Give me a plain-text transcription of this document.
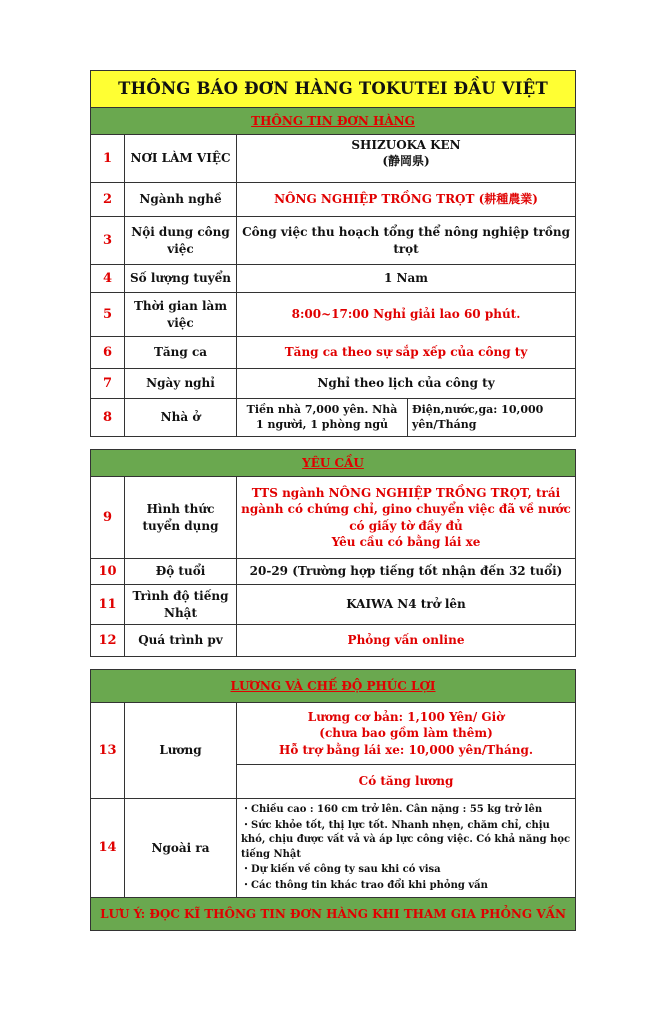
THÔNG BÁO ĐƠN HÀNG TOKUTEI ĐẦU VIỆT			
THÔNG TIN ĐƠN HÀNG			
1	NƠI LÀM VIỆC	SHIZUOKA KEN
(静岡県)	

2	Ngành nghề	NÔNG NGHIỆP TRỒNG TRỌT (耕種農業)	
3	Nội dung công việc	Công việc thu hoạch tổng thể nông nghiệp trồng trọt	
4	Số lượng tuyển	1 Nam	
5	Thời gian làm việc	8:00~17:00 Nghỉ giải lao 60 phút.	
6	Tăng ca	Tăng ca theo sự sắp xếp của công ty	
7	Ngày nghỉ	Nghỉ theo lịch của công ty	
8	Nhà ở	Tiền nhà 7,000 yên. Nhà 1 người, 1 phòng ngủ	Điện,nước,ga: 10,000 yên/Tháng
YÊU CẦU		
9	Hình thức tuyển dụng	TTS ngành NÔNG NGHIỆP TRỒNG TRỌT, trái ngành có chứng chỉ, gino chuyển việc đã về nước có giấy tờ đầy đủ
Yêu cầu có bằng lái xe

10	Độ tuổi	20-29 (Trường hợp tiếng tốt nhận đến 32 tuổi)
11	Trình độ tiếng Nhật	KAIWA N4 trở lên
12	Quá trình pv	Phỏng vấn online
LƯƠNG VÀ CHẾ ĐỘ PHÚC LỢI		
13	Lương	Lương cơ bản: 1,100 Yên/ Giờ
(chưa bao gồm làm thêm)
Hỗ trợ bằng lái xe: 10,000 yên/Tháng.

		Có tăng lương
14	Ngoài ra	・Chiều cao : 160 cm trở lên. Cân nặng : 55 kg trở lên
・Sức khỏe tốt, thị lực tốt. Nhanh nhẹn, chăm chỉ, chịu khó, chịu được vất vả và áp lực công việc. Có khả năng học tiếng Nhật
・Dự kiến về công ty sau khi có visa
・Các thông tin khác trao đổi khi phỏng vấn

LƯU Ý: ĐỌC KĨ THÔNG TIN ĐƠN HÀNG KHI THAM GIA PHỎNG VẤN		
